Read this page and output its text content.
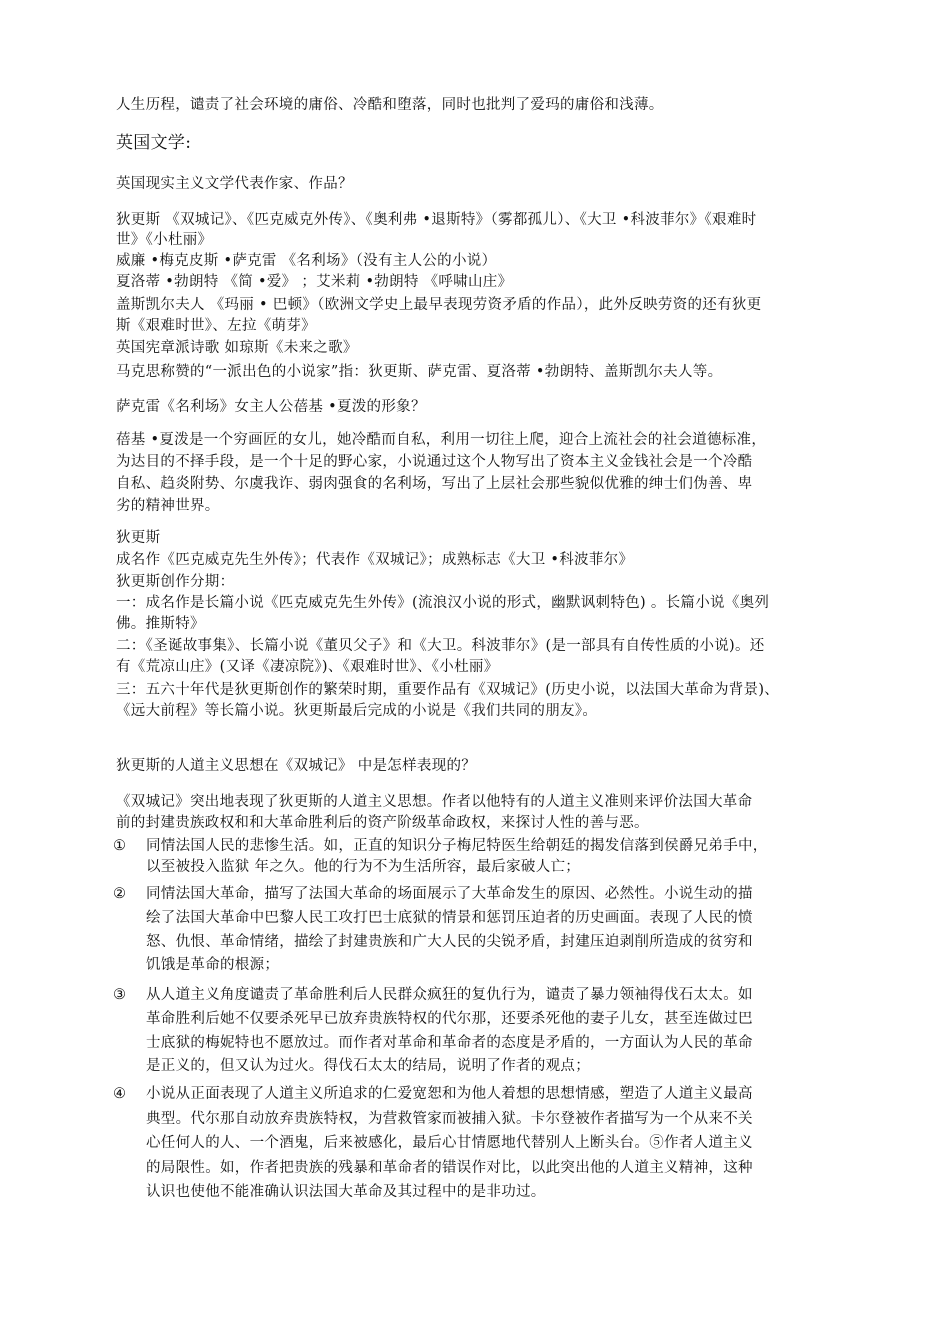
人生历程，谴责了社会环境的庸俗、冷酷和堕落，同时也批判了爱玛的庸俗和浅薄。
英国文学:
英国现实主义文学代表作家、作品？
狄更斯 《双城记》、《匹克威克外传》、《奥利弗 •退斯特》（雾都孤儿）、《大卫 •科波菲尔》《艰难时
世》《小杜丽》
威廉 •梅克皮斯 •萨克雷 《名利场》（没有主人公的小说）
夏洛蒂 •勃朗特 《简 •爱》 ；艾米莉 •勃朗特 《呼啸山庄》
盖斯凯尔夫人 《玛丽 • 巴顿》（欧洲文学史上最早表现劳资矛盾的作品），此外反映劳资的还有狄更
斯《艰难时世》、左拉《萌芽》
英国宪章派诗歌 如琼斯《未来之歌》
马克思称赞的“一派出色的小说家”指：狄更斯、萨克雷、夏洛蒂 •勃朗特、盖斯凯尔夫人等。
萨克雷《名利场》女主人公蓓基 •夏泼的形象？
蓓基 •夏泼是一个穷画匠的女儿，她冷酷而自私，利用一切往上爬，迎合上流社会的社会道德标准，
为达目的不择手段，是一个十足的野心家，小说通过这个人物写出了资本主义金钱社会是一个冷酷
自私、趋炎附势、尔虞我诈、弱肉强食的名利场，写出了上层社会那些貌似优雅的绅士们伪善、卑
劣的精神世界。
狄更斯
成名作《匹克威克先生外传》；代表作《双城记》；成熟标志《大卫 •科波菲尔》
狄更斯创作分期：
一：成名作是长篇小说《匹克威克先生外传》(流浪汉小说的形式，幽默讽刺特色) 。长篇小说《奥列
佛。推斯特》
二：《圣诞故事集》、长篇小说《董贝父子》和《大卫。科波菲尔》(是一部具有自传性质的小说)。还
有《荒凉山庄》(又译《凄凉院》)、《艰难时世》、《小杜丽》
三：五六十年代是狄更斯创作的繁荣时期，重要作品有《双城记》(历史小说，以法国大革命为背景)、
《远大前程》等长篇小说。狄更斯最后完成的小说是《我们共同的朋友》。
狄更斯的人道主义思想在《双城记》 中是怎样表现的？
《双城记》突出地表现了狄更斯的人道主义思想。作者以他特有的人道主义准则来评价法国大革命
前的封建贵族政权和和大革命胜利后的资产阶级革命政权，来探讨人性的善与恶。
① 同情法国人民的悲惨生活。如，正直的知识分子梅尼特医生给朝廷的揭发信落到侯爵兄弟手中，
以至被投入监狱 年之久。他的行为不为生活所容，最后家破人亡；
② 同情法国大革命，描写了法国大革命的场面展示了大革命发生的原因、必然性。小说生动的描
绘了法国大革命中巴黎人民工攻打巴士底狱的情景和惩罚压迫者的历史画面。表现了人民的愤
怒、仇恨、革命情绪，描绘了封建贵族和广大人民的尖锐矛盾，封建压迫剥削所造成的贫穷和
饥饿是革命的根源；
③ 从人道主义角度谴责了革命胜利后人民群众疯狂的复仇行为，谴责了暴力领袖得伐石太太。如
革命胜利后她不仅要杀死早已放弃贵族特权的代尔那，还要杀死他的妻子儿女，甚至连做过巴
士底狱的梅妮特也不愿放过。而作者对革命和革命者的态度是矛盾的，一方面认为人民的革命
是正义的，但又认为过火。得伐石太太的结局，说明了作者的观点；
④ 小说从正面表现了人道主义所追求的仁爱宽恕和为他人着想的思想情感，塑造了人道主义最高
典型。代尔那自动放弃贵族特权，为营救管家而被捕入狱。卡尔登被作者描写为一个从来不关
心任何人的人、一个酒鬼，后来被感化，最后心甘情愿地代替别人上断头台。⑤作者人道主义
的局限性。如，作者把贵族的残暴和革命者的错误作对比，以此突出他的人道主义精神，这种
认识也使他不能准确认识法国大革命及其过程中的是非功过。
